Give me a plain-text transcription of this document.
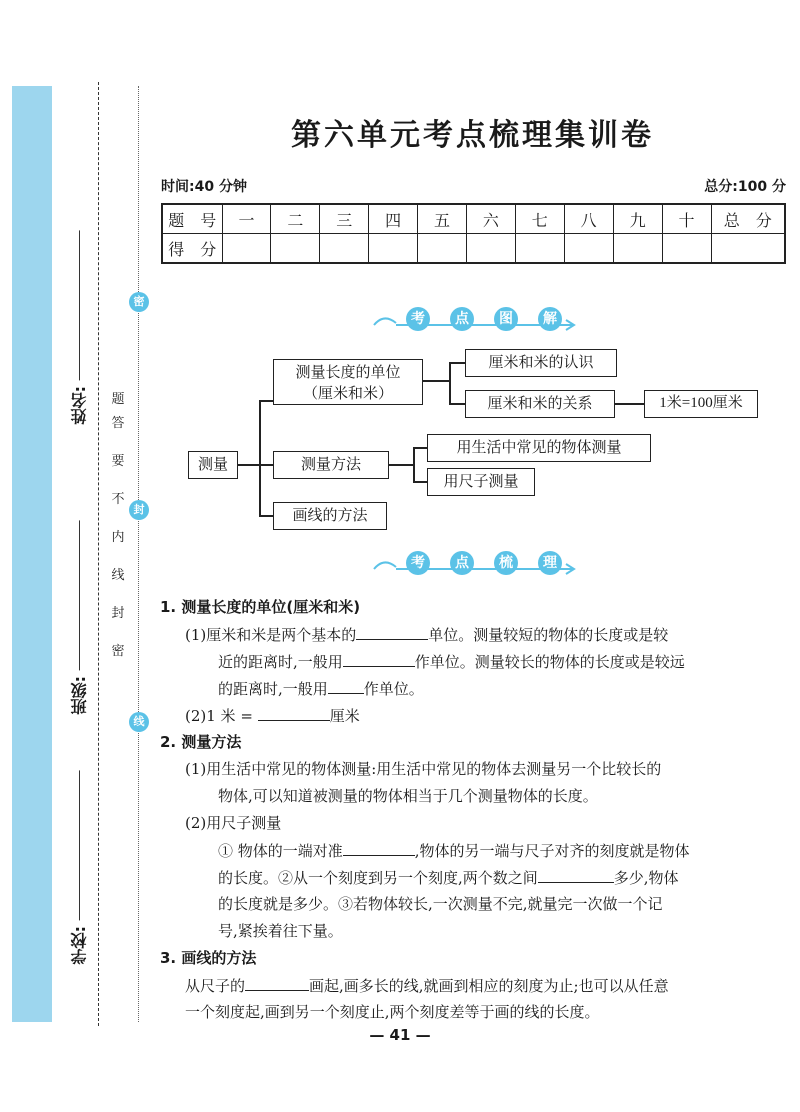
密
封
线
题
答
要
不
内
线
封
密
姓名:
班级:
学校:
第六单元考点梳理集训卷
时间:40 分钟	总分:100 分
题　号	一	二	三	四	五	六	七	八	九	十	总　分
得　分											
考	点	图	解
测量
测量长度的单位
（厘米和米）
厘米和米的认识
厘米和米的关系	1米=100厘米
测量方法
用生活中常见的物体测量
用尺子测量
画线的方法
考	点	梳	理
1. 测量长度的单位(厘米和米)
(1)厘米和米是两个基本的	单位。测量较短的物体的长度或是较
近的距离时,一般用	作单位。测量较长的物体的长度或是较远
的距离时,一般用 作单位。
(2)1 米 =	厘米
2. 测量方法
(1)用生活中常见的物体测量:用生活中常见的物体去测量另一个比较长的
物体,可以知道被测量的物体相当于几个测量物体的长度。
(2)用尺子测量
① 物体的一端对准	,物体的另一端与尺子对齐的刻度就是物体
的长度。②从一个刻度到另一个刻度,两个数之间	多少,物体
的长度就是多少。③若物体较长,一次测量不完,就量完一次做一个记
号,紧挨着往下量。
3. 画线的方法
从尺子的	画起,画多长的线,就画到相应的刻度为止;也可以从任意
一个刻度起,画到另一个刻度止,两个刻度差等于画的线的长度。
— 41 —
